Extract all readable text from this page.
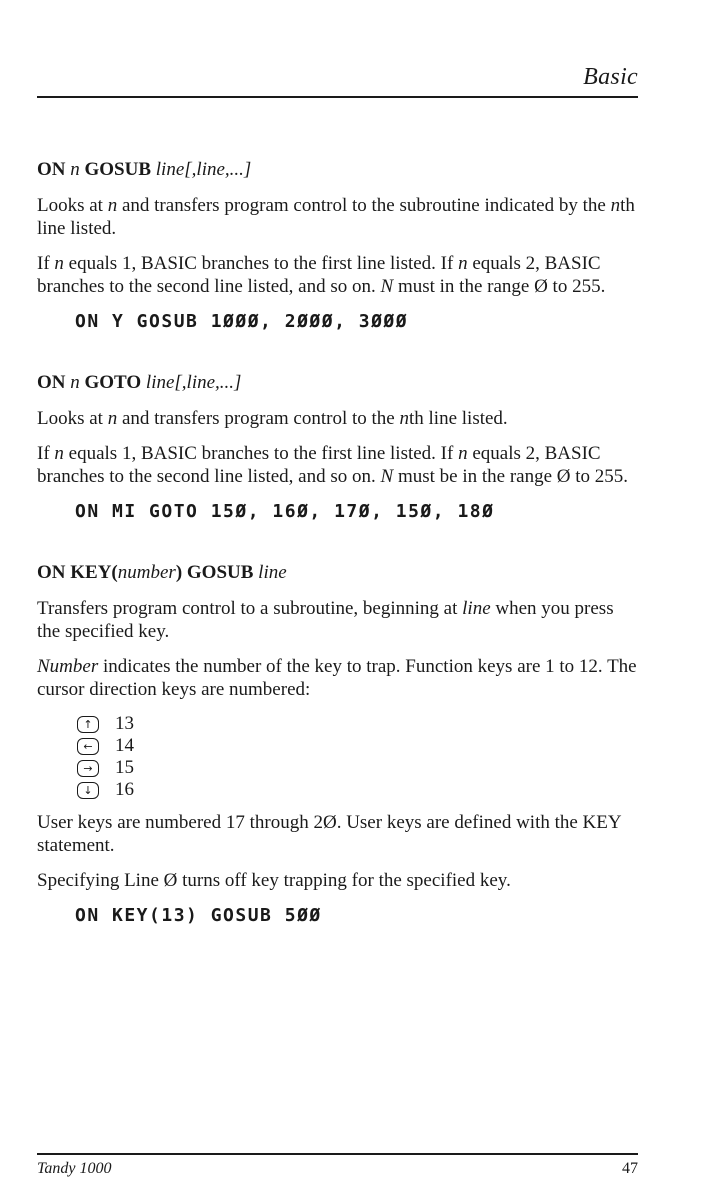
Basic
ON n GOSUB line[,line,...]

Looks at n and transfers program control to the subroutine indicated by the nth line listed.

If n equals 1, BASIC branches to the first line listed. If n equals 2, BASIC branches to the second line listed, and so on. N must in the range Ø to 255.

ON Y GOSUB 1ØØØ, 2ØØØ, 3ØØØ
ON n GOTO line[,line,...]

Looks at n and transfers program control to the nth line listed.

If n equals 1, BASIC branches to the first line listed. If n equals 2, BASIC branches to the second line listed, and so on. N must be in the range Ø to 255.

ON MI GOTO 15Ø, 16Ø, 17Ø, 15Ø, 18Ø
ON KEY(number) GOSUB line

Transfers program control to a subroutine, beginning at line when you press the specified key.

Number indicates the number of the key to trap. Function keys are 1 to 12. The cursor direction keys are numbered:

↑	13
←	14
→	15
↓	16

User keys are numbered 17 through 2Ø. User keys are defined with the KEY statement.

Specifying Line Ø turns off key trapping for the specified key.

ON KEY(13) GOSUB 5ØØ
Tandy 1000	47
